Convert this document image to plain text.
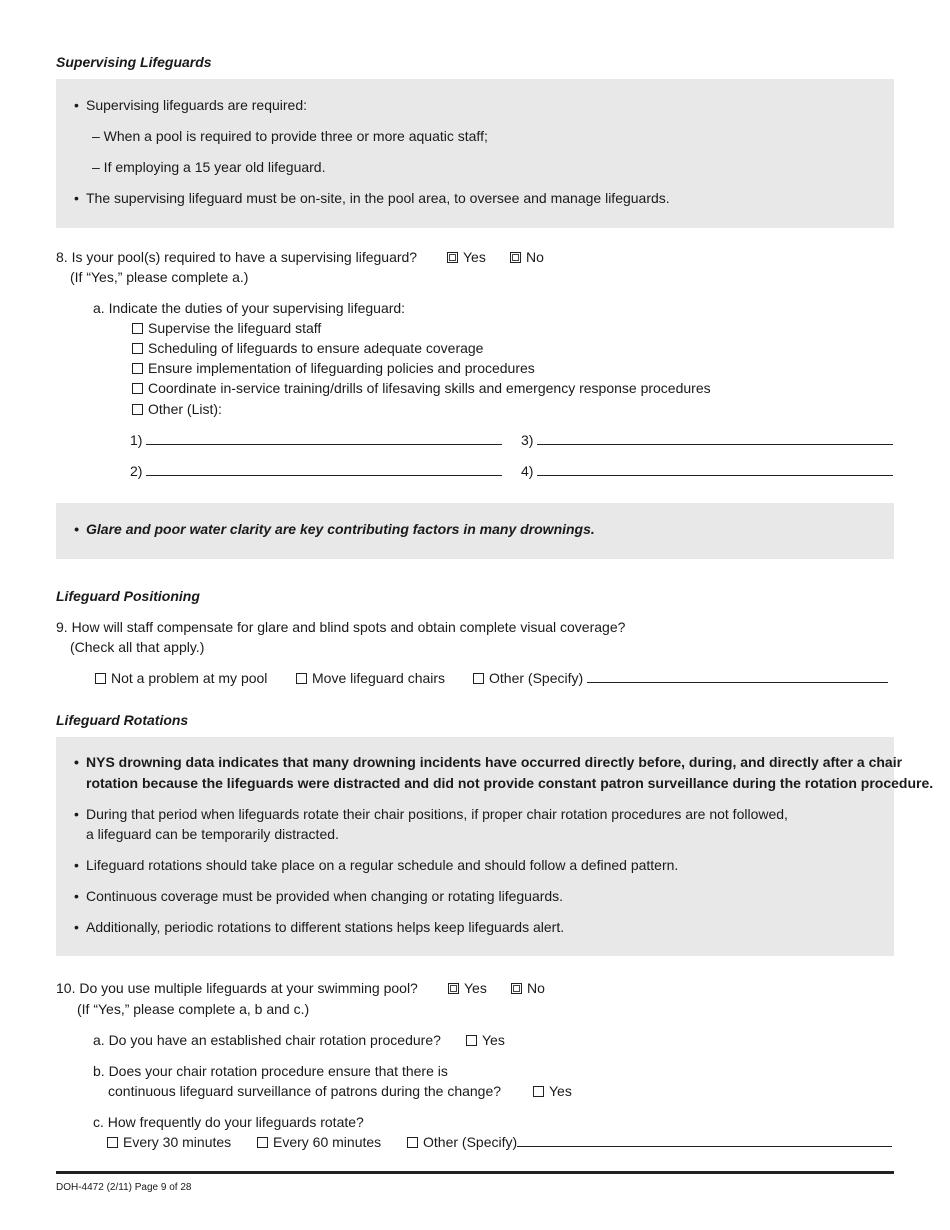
Supervising Lifeguards
• Supervising lifeguards are required:
– When a pool is required to provide three or more aquatic staff;
– If employing a 15 year old lifeguard.
• The supervising lifeguard must be on-site, in the pool area, to oversee and manage lifeguards.
8. Is your pool(s) required to have a supervising lifeguard?	Yes	No
(If “Yes,” please complete a.)
a. Indicate the duties of your supervising lifeguard:
Supervise the lifeguard staff
Scheduling of lifeguards to ensure adequate coverage
Ensure implementation of lifeguarding policies and procedures
Coordinate in-service training/drills of lifesaving skills and emergency response procedures
Other (List):
1)
2)
3)
4)
• Glare and poor water clarity are key contributing factors in many drownings.
Lifeguard Positioning
9. How will staff compensate for glare and blind spots and obtain complete visual coverage?
(Check all that apply.)
Not a problem at my pool	Move lifeguard chairs	Other (Specify)
Lifeguard Rotations
• NYS drowning data indicates that many drowning incidents have occurred directly before, during, and directly after a chair
rotation because the lifeguards were distracted and did not provide constant patron surveillance during the rotation procedure.
• During that period when lifeguards rotate their chair positions, if proper chair rotation procedures are not followed,
a lifeguard can be temporarily distracted.
• Lifeguard rotations should take place on a regular schedule and should follow a defined pattern.
• Continuous coverage must be provided when changing or rotating lifeguards.
• Additionally, periodic rotations to different stations helps keep lifeguards alert.
10. Do you use multiple lifeguards at your swimming pool?	Yes	No
(If “Yes,” please complete a, b and c.)
a. Do you have an established chair rotation procedure?	Yes
b. Does your chair rotation procedure ensure that there is
continuous lifeguard surveillance of patrons during the change?	Yes
c. How frequently do your lifeguards rotate?
Every 30 minutes	Every 60 minutes	Other (Specify)
DOH-4472 (2/11) Page 9 of 28
